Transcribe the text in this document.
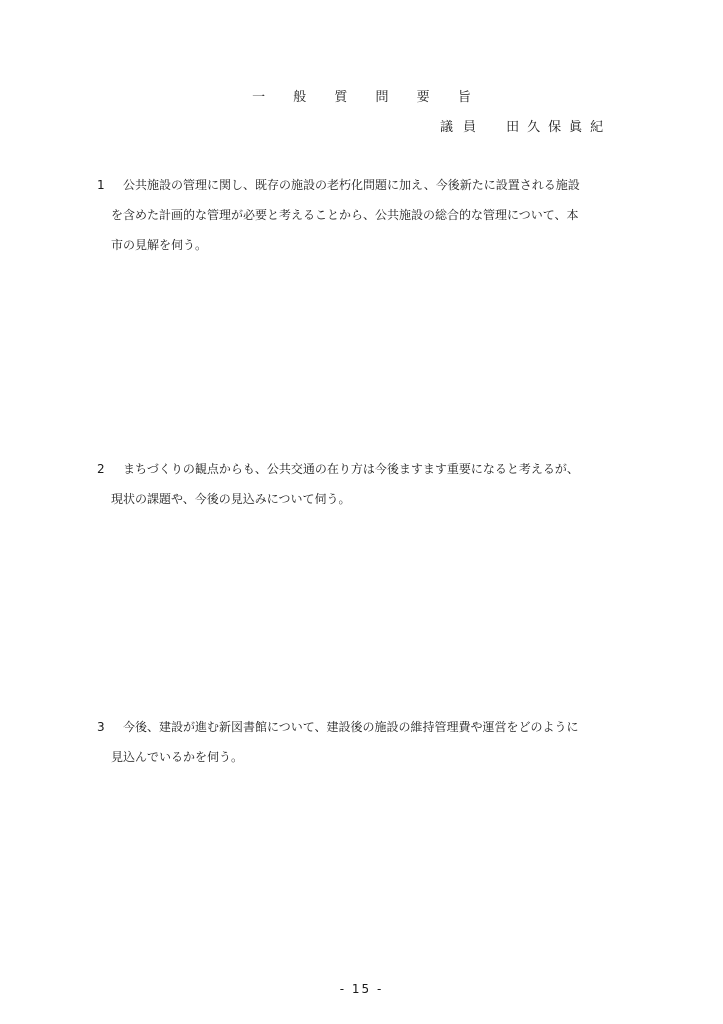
一 般 質 問 要 旨
議員 田久保眞紀
1 公共施設の管理に関し、既存の施設の老朽化問題に加え、今後新たに設置される施設
を含めた計画的な管理が必要と考えることから、公共施設の総合的な管理について、本
市の見解を伺う。
2 まちづくりの観点からも、公共交通の在り方は今後ますます重要になると考えるが、
現状の課題や、今後の見込みについて伺う。
3 今後、建設が進む新図書館について、建設後の施設の維持管理費や運営をどのように
見込んでいるかを伺う。
- 15 -
